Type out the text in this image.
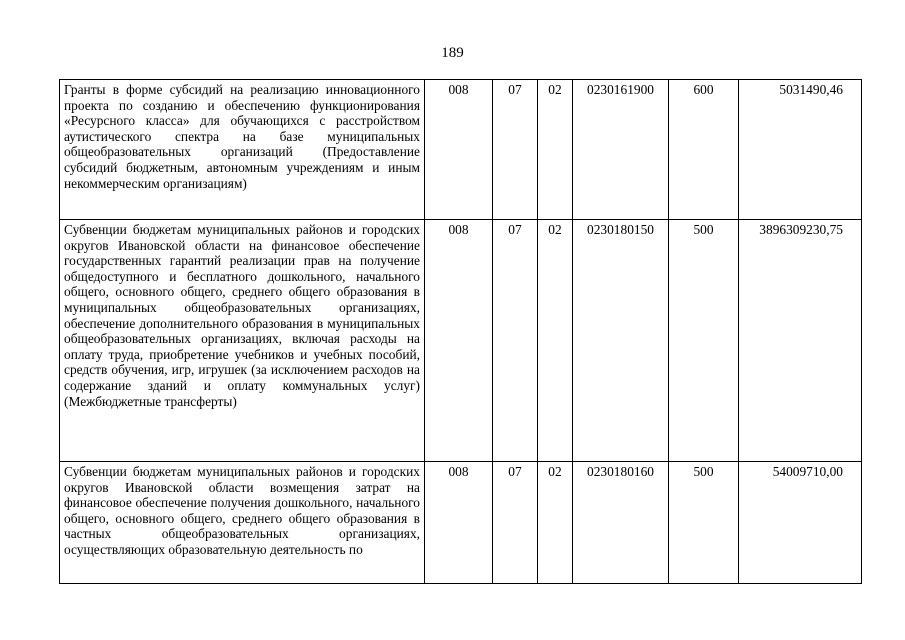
189
Гранты в форме субсидий на реализацию инновационного проекта по созданию и обеспечению функционирования «Ресурсного класса» для обучающихся с расстройством аутистического спектра на базе муниципальных общеобразовательных организаций (Предоставление субсидий бюджетным, автономным учреждениям и иным некоммерческим организациям)	008	07	02	0230161900	600	5031490,46
Субвенции бюджетам муниципальных районов и городских округов Ивановской области на финансовое обеспечение государственных гарантий реализации прав на получение общедоступного и бесплатного дошкольного, начального общего, основного общего, среднего общего образования в муниципальных общеобразовательных организациях, обеспечение дополнительного образования в муниципальных общеобразовательных организациях, включая расходы на оплату труда, приобретение учебников и учебных пособий, средств обучения, игр, игрушек (за исключением расходов на содержание зданий и оплату коммунальных услуг) (Межбюджетные трансферты)	008	07	02	0230180150	500	3896309230,75

Субвенции бюджетам муниципальных районов и городских округов Ивановской области возмещения затрат на финансовое обеспечение получения дошкольного, начального общего, основного общего, среднего общего образования в частных общеобразовательных организациях, осуществляющих образовательную деятельность по	008	07	02	0230180160	500	54009710,00
